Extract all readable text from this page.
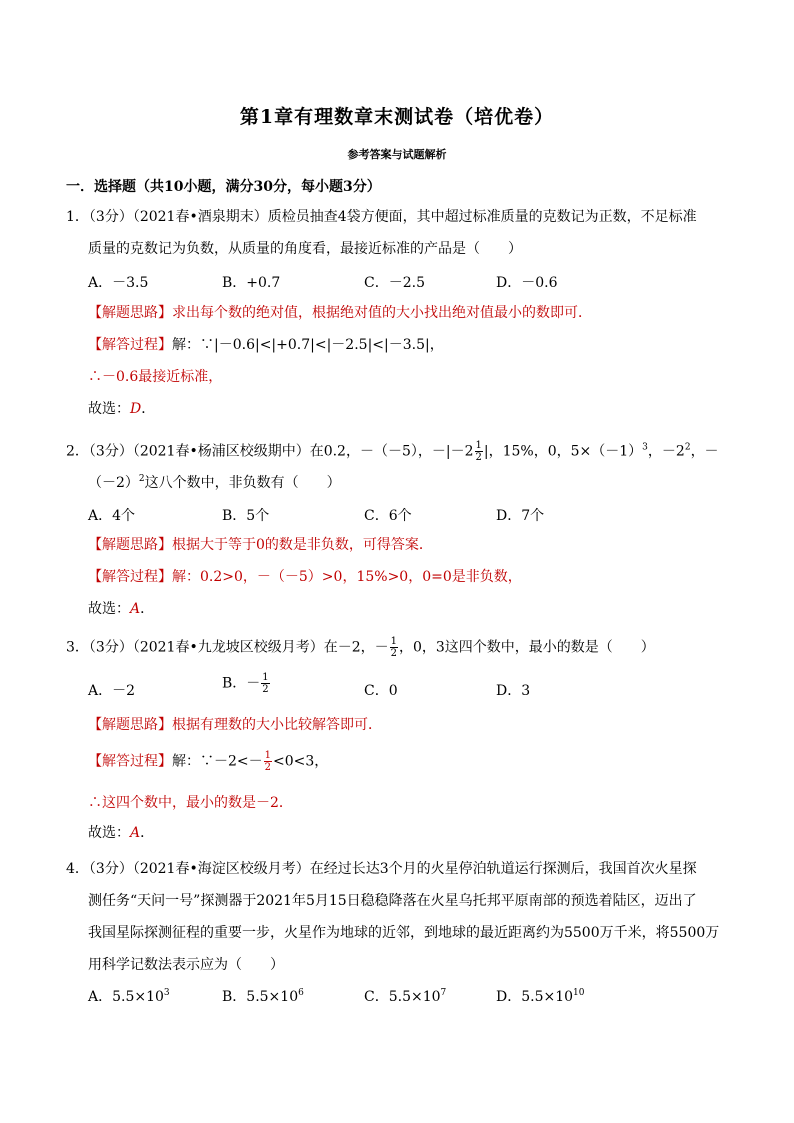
第1章有理数章末测试卷（培优卷）
参考答案与试题解析
一．选择题（共10小题，满分30分，每小题3分）
1．（3分）（2021春•酒泉期末）质检员抽查4袋方便面，其中超过标准质量的克数记为正数，不足标准
质量的克数记为负数，从质量的角度看，最接近标准的产品是（　　）
A．－3.5	B．+0.7	C．－2.5	D．－0.6
【解题思路】求出每个数的绝对值，根据绝对值的大小找出绝对值最小的数即可．
【解答过程】解：∵|－0.6|<|+0.7|<|－2.5|<|－3.5|，
∴－0.6最接近标准，
故选：D．
2．（3分）（2021春•杨浦区校级期中）在0.2，－（－5），$-|-2 \frac{1}{2}$ |，15%，0，$5\times(-1)^3$，$-2^2$，－
$(-2)^2$这八个数中，非负数有（　　）
A．4个	B．5个	C．6个	D．7个
【解题思路】根据大于等于0的数是非负数，可得答案．
【解答过程】解：0.2>0，－（－5）>0，15%>0，0=0是非负数，
故选：A．
3．（3分）（2021春•九龙坡区校级月考）在－2，－ $\frac{1}{2}$ ，0，3这四个数中，最小的数是（　　）
A．－2	B．－ $\frac{1}{2}$	C．0	D．3
【解题思路】根据有理数的大小比较解答即可．
【解答过程】解：∵－2<－ $\frac{1}{2} <0<3$，
∴这四个数中，最小的数是－2．
故选：A．
4．（3分）（2021春•海淀区校级月考）在经过长达3个月的火星停泊轨道运行探测后，我国首次火星探
测任务“天问一号”探测器于2021年5月15日稳稳降落在火星乌托邦平原南部的预选着陆区，迈出了
我国星际探测征程的重要一步，火星作为地球的近邻，到地球的最近距离约为5500万千米，将5500万
用科学记数法表示应为（　　）
A．$5.5\times 10^3$	B．$5.5\times 10^6$	C．$5.5\times 10^7$	D．$5.5\times 10^{10}$
